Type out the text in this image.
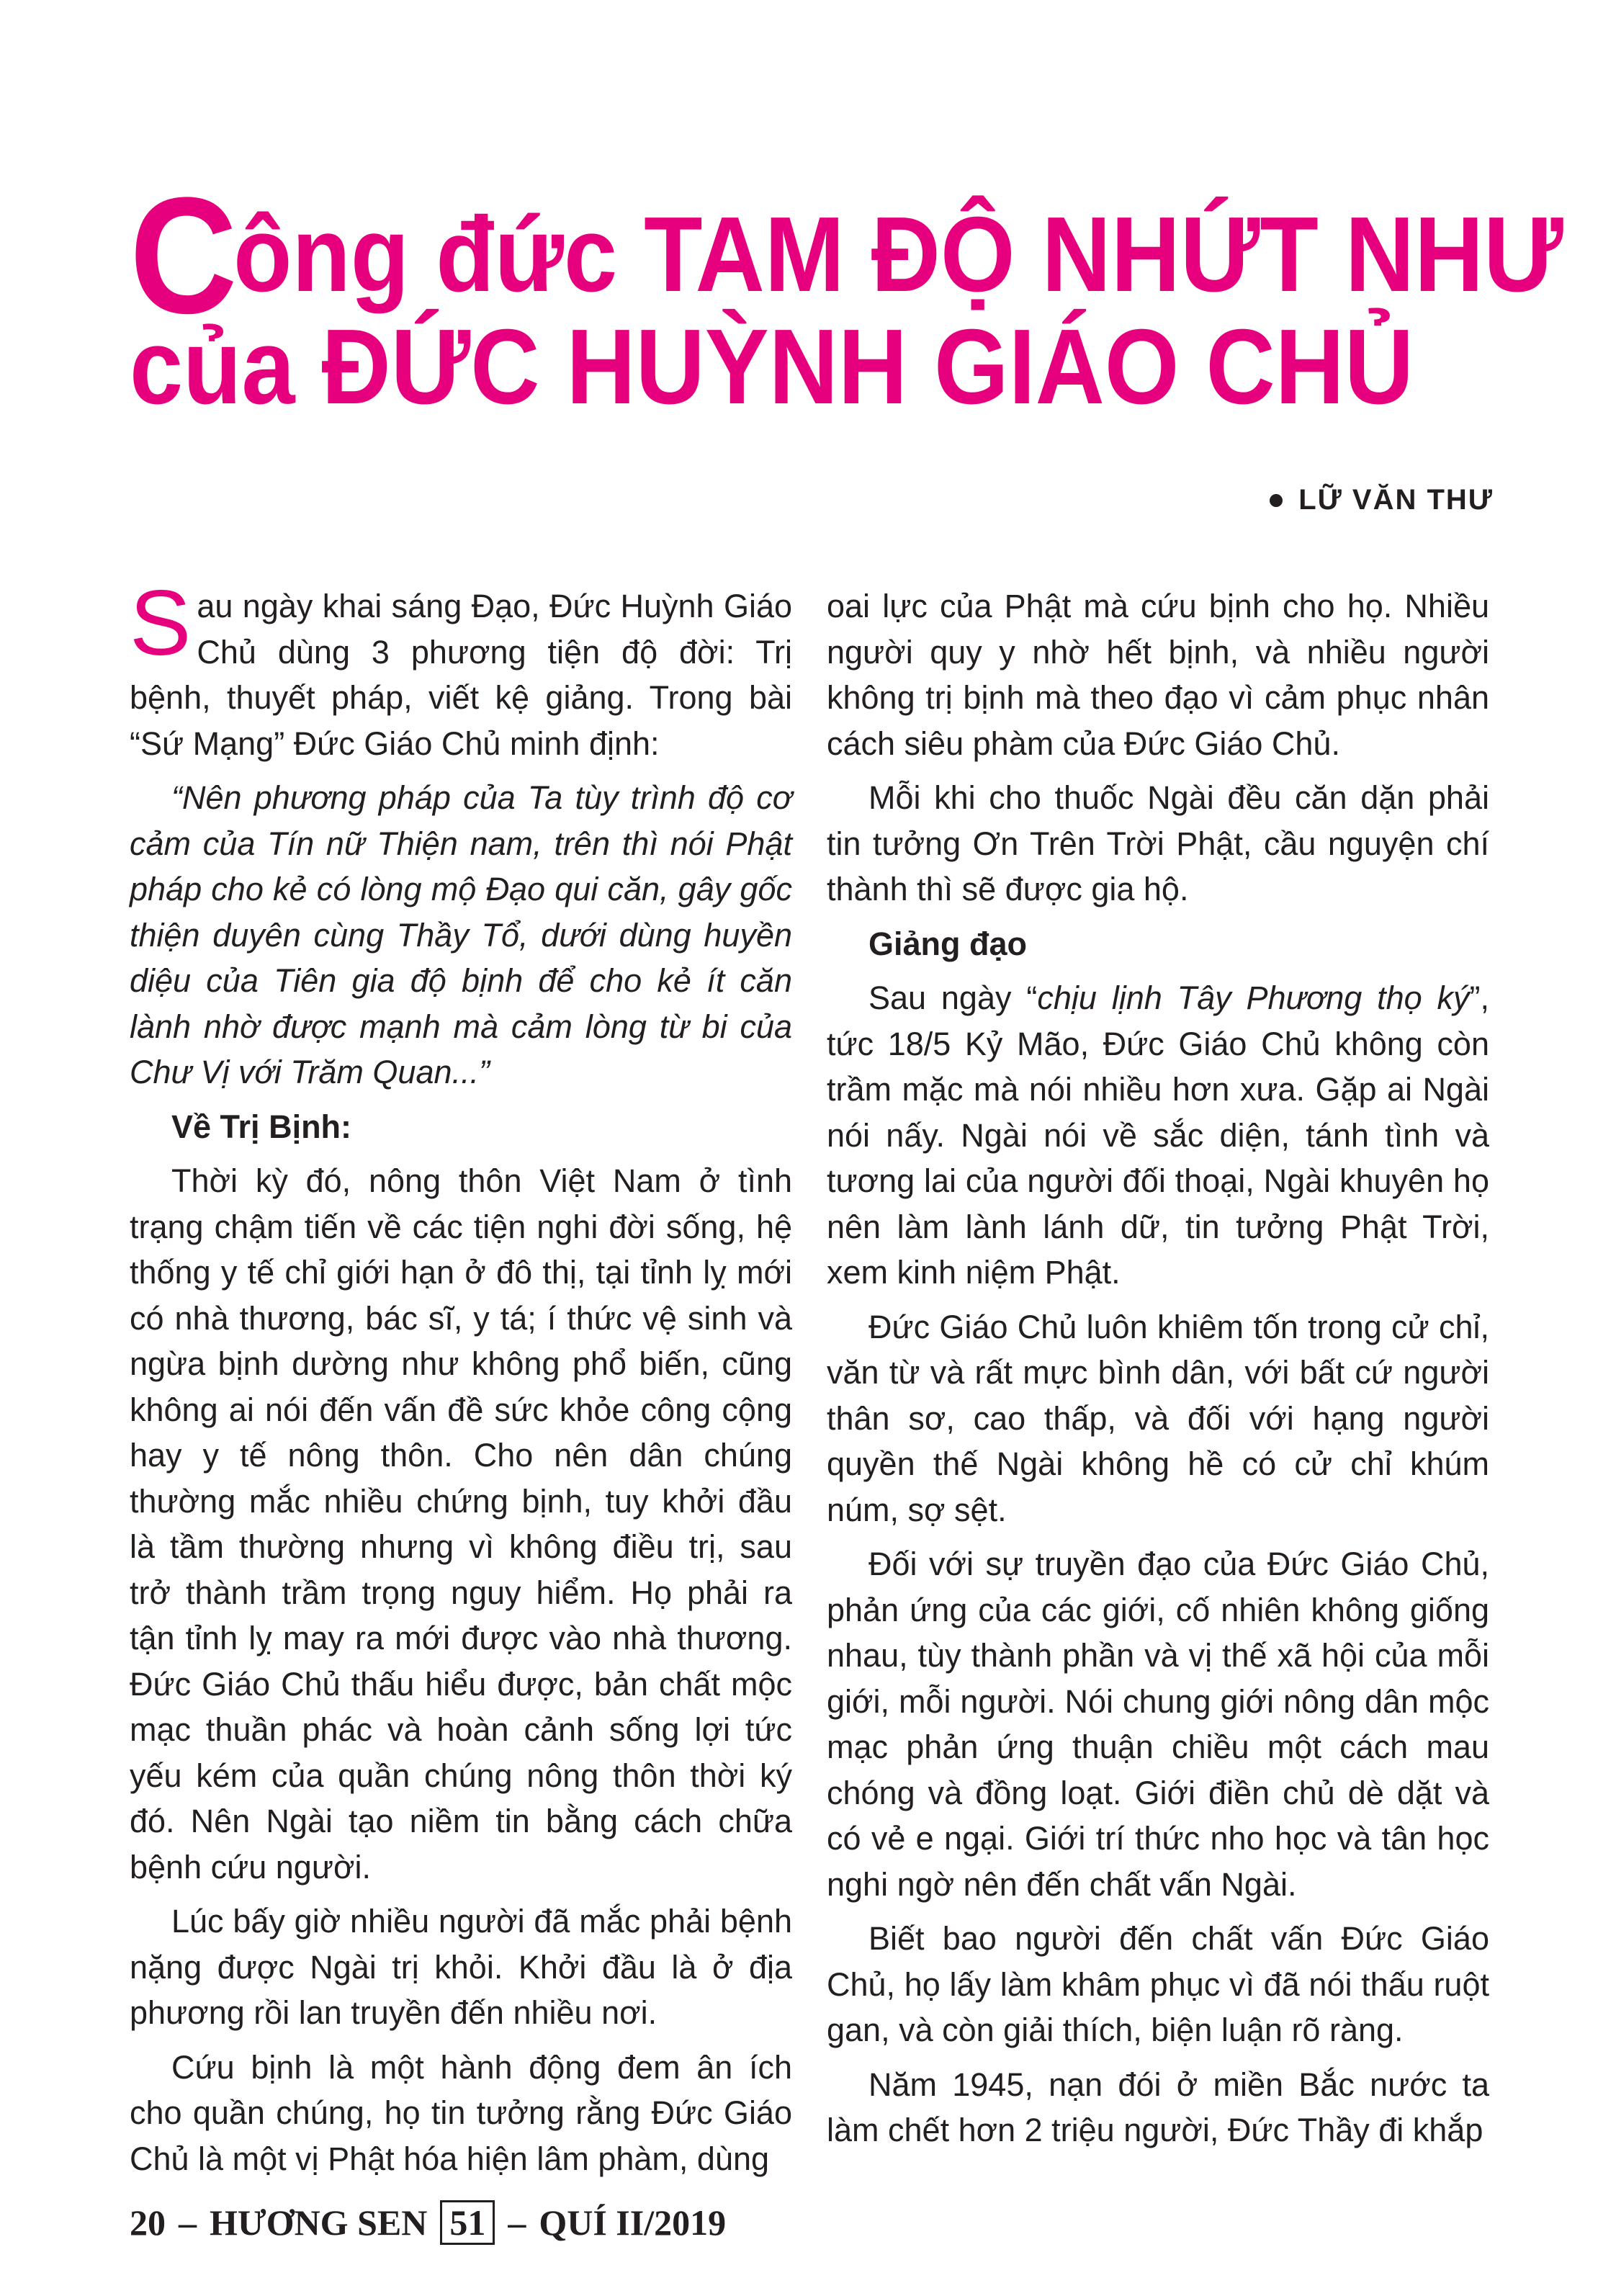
Công đức TAM ĐỘ NHỨT NHƯ
của ĐỨC HUỲNH GIÁO CHỦ
LỮ VĂN THƯ

Sau ngày khai sáng Đạo, Đức Huỳnh Giáo Chủ dùng 3 phương tiện độ đời: Trị bệnh, thuyết pháp, viết kệ giảng. Trong bài “Sứ Mạng” Đức Giáo Chủ minh định:

“Nên phương pháp của Ta tùy trình độ cơ cảm của Tín nữ Thiện nam, trên thì nói Phật pháp cho kẻ có lòng mộ Đạo qui căn, gây gốc thiện duyên cùng Thầy Tổ, dưới dùng huyền diệu của Tiên gia độ bịnh để cho kẻ ít căn lành nhờ được mạnh mà cảm lòng từ bi của Chư Vị với Trăm Quan...”

Về Trị Bịnh:

Thời kỳ đó, nông thôn Việt Nam ở tình trạng chậm tiến về các tiện nghi đời sống, hệ thống y tế chỉ giới hạn ở đô thị, tại tỉnh lỵ mới có nhà thương, bác sĩ, y tá; í thức vệ sinh và ngừa bịnh dường như không phổ biến, cũng không ai nói đến vấn đề sức khỏe công cộng hay y tế nông thôn. Cho nên dân chúng thường mắc nhiều chứng bịnh, tuy khởi đầu là tầm thường nhưng vì không điều trị, sau trở thành trầm trọng nguy hiểm. Họ phải ra tận tỉnh lỵ may ra mới được vào nhà thương. Đức Giáo Chủ thấu hiểu được, bản chất mộc mạc thuần phác và hoàn cảnh sống lợi tức yếu kém của quần chúng nông thôn thời ký đó. Nên Ngài tạo niềm tin bằng cách chữa bệnh cứu người.

Lúc bấy giờ nhiều người đã mắc phải bệnh nặng được Ngài trị khỏi. Khởi đầu là ở địa phương rồi lan truyền đến nhiều nơi.

Cứu bịnh là một hành động đem ân ích cho quần chúng, họ tin tưởng rằng Đức Giáo Chủ là một vị Phật hóa hiện lâm phàm, dùng

oai lực của Phật mà cứu bịnh cho họ. Nhiều người quy y nhờ hết bịnh, và nhiều người không trị bịnh mà theo đạo vì cảm phục nhân cách siêu phàm của Đức Giáo Chủ.

Mỗi khi cho thuốc Ngài đều căn dặn phải tin tưởng Ơn Trên Trời Phật, cầu nguyện chí thành thì sẽ được gia hộ.

Giảng đạo

Sau ngày “chịu lịnh Tây Phương thọ ký”, tức 18/5 Kỷ Mão, Đức Giáo Chủ không còn trầm mặc mà nói nhiều hơn xưa. Gặp ai Ngài nói nấy. Ngài nói về sắc diện, tánh tình và tương lai của người đối thoại, Ngài khuyên họ nên làm lành lánh dữ, tin tưởng Phật Trời, xem kinh niệm Phật.

Đức Giáo Chủ luôn khiêm tốn trong cử chỉ, văn từ và rất mực bình dân, với bất cứ người thân sơ, cao thấp, và đối với hạng người quyền thế Ngài không hề có cử chỉ khúm núm, sợ sệt.

Đối với sự truyền đạo của Đức Giáo Chủ, phản ứng của các giới, cố nhiên không giống nhau, tùy thành phần và vị thế xã hội của mỗi giới, mỗi người. Nói chung giới nông dân mộc mạc phản ứng thuận chiều một cách mau chóng và đồng loạt. Giới điền chủ dè dặt và có vẻ e ngại. Giới trí thức nho học và tân học nghi ngờ nên đến chất vấn Ngài.

Biết bao người đến chất vấn Đức Giáo Chủ, họ lấy làm khâm phục vì đã nói thấu ruột gan, và còn giải thích, biện luận rõ ràng.

Năm 1945, nạn đói ở miền Bắc nước ta làm chết hơn 2 triệu người, Đức Thầy đi khắp

20 – HƯƠNG SEN 51 – QUÍ II/2019
